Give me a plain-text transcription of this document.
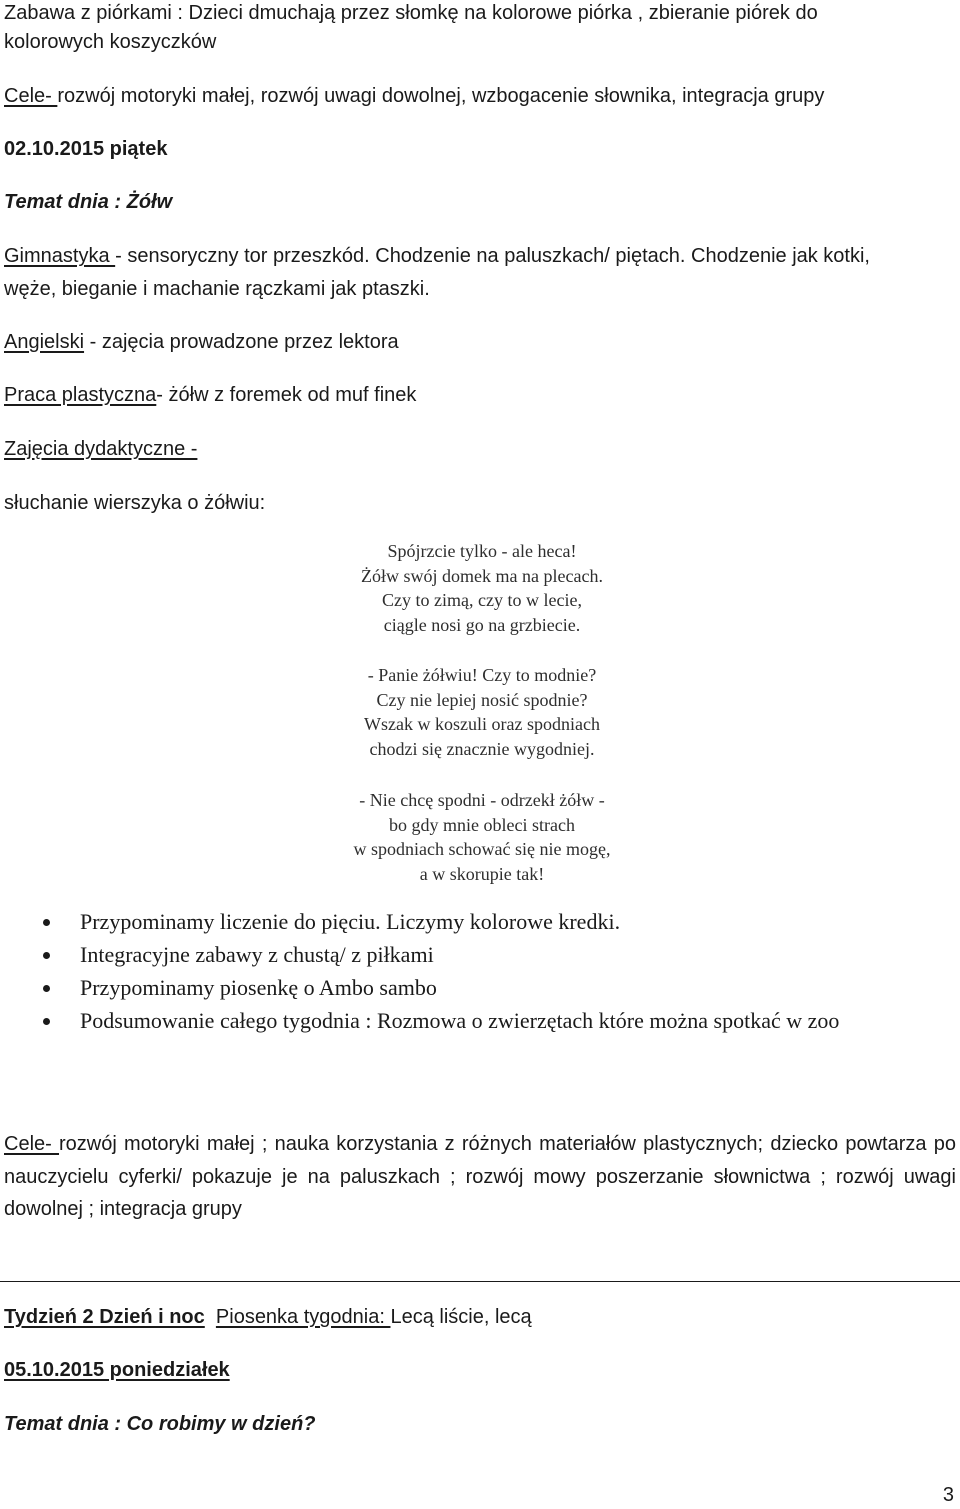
Zabawa z piórkami : Dzieci dmuchają przez słomkę na kolorowe piórka , zbieranie piórek do

kolorowych koszyczków

Cele- rozwój motoryki małej, rozwój uwagi dowolnej, wzbogacenie słownika, integracja grupy

02.10.2015 piątek

Temat dnia : Żółw

Gimnastyka - sensoryczny tor przeszkód. Chodzenie na paluszkach/ piętach. Chodzenie jak kotki,

węże, bieganie i machanie rączkami jak ptaszki.

Angielski - zajęcia prowadzone przez lektora

Praca plastyczna- żółw z foremek od muf finek

Zajęcia dydaktyczne -

słuchanie wierszyka o żółwiu:

Spójrzcie tylko - ale heca!
Żółw swój domek ma na plecach.
Czy to zimą, czy to w lecie,
ciągle nosi go na grzbiecie.

- Panie żółwiu! Czy to modnie?
Czy nie lepiej nosić spodnie?
Wszak w koszuli oraz spodniach
chodzi się znacznie wygodniej.

- Nie chcę spodni - odrzekł żółw -
bo gdy mnie obleci strach
w spodniach schować się nie mogę,
a w skorupie tak!

Przypominamy liczenie do pięciu. Liczymy kolorowe kredki.
Integracyjne zabawy z chustą/ z piłkami
Przypominamy piosenkę o Ambo sambo
Podsumowanie całego tygodnia : Rozmowa o zwierzętach które można spotkać w zoo

Cele- rozwój motoryki małej ; nauka korzystania z różnych materiałów plastycznych; dziecko powtarza po nauczycielu cyferki/ pokazuje je na paluszkach ; rozwój mowy poszerzanie słownictwa ; rozwój uwagi dowolnej ; integracja grupy

Tydzień 2 Dzień i noc Piosenka tygodnia: Lecą liście, lecą

05.10.2015 poniedziałek

Temat dnia : Co robimy w dzień?

3
